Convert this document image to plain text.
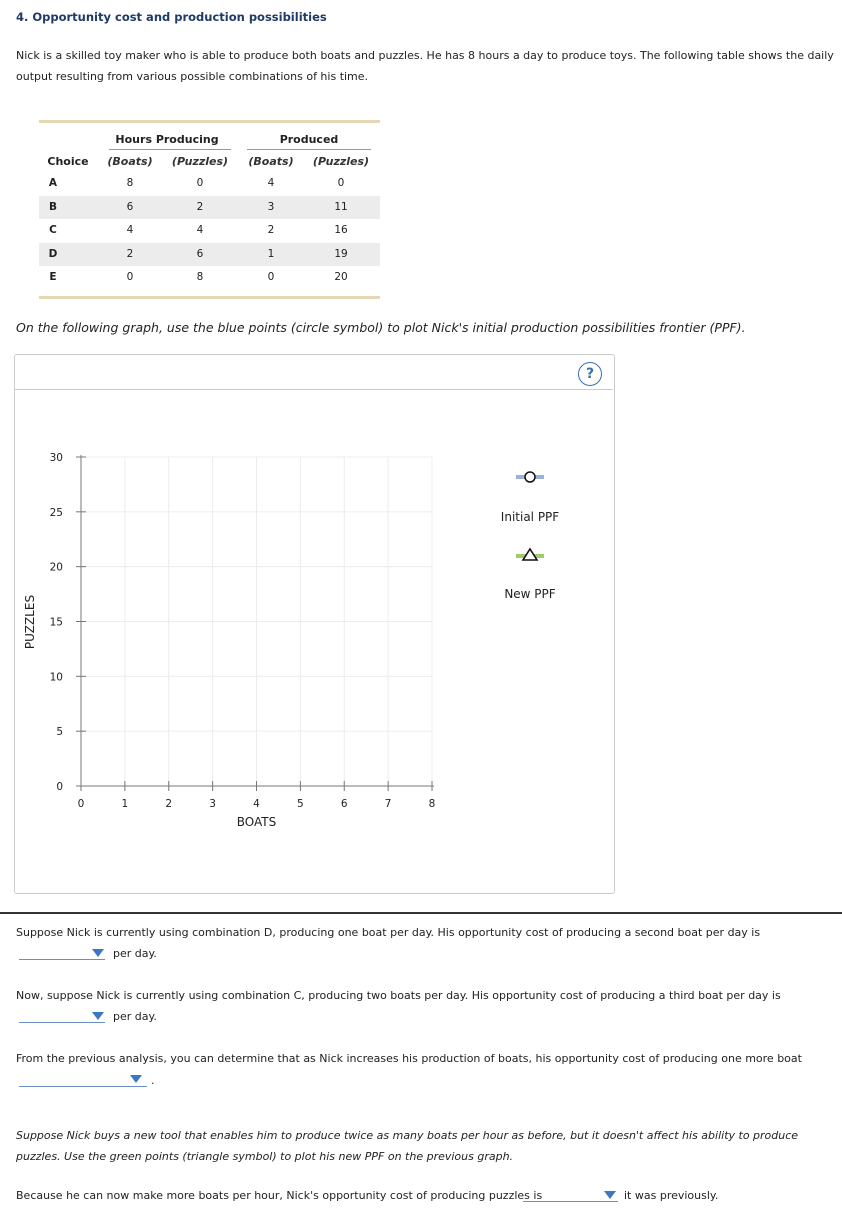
4. Opportunity cost and production possibilities
Nick is a skilled toy maker who is able to produce both boats and puzzles. He has 8 hours a day to produce toys. The following table shows the daily output resulting from various possible combinations of his time.
Hours Producing	Produced
Choice	(Boats)	(Puzzles)	(Boats)	(Puzzles)
A	8	0	4	0
B	6	2	3	11
C	4	4	2	16
D	2	6	1	19
E	0	8	0	20
On the following graph, use the blue points (circle symbol) to plot Nick's initial production possibilities frontier (PPF).
?
PUZZLES
0	1	2	3	4	5	6	7	8
0
5
10
15
20
25
30
BOATS
Initial PPF
New PPF
Suppose Nick is currently using combination D, producing one boat per day. His opportunity cost of producing a second boat per day is
per day.
Now, suppose Nick is currently using combination C, producing two boats per day. His opportunity cost of producing a third boat per day is
per day.
From the previous analysis, you can determine that as Nick increases his production of boats, his opportunity cost of producing one more boat
.
Suppose Nick buys a new tool that enables him to produce twice as many boats per hour as before, but it doesn't affect his ability to produce puzzles. Use the green points (triangle symbol) to plot his new PPF on the previous graph.
Because he can now make more boats per hour, Nick's opportunity cost of producing puzzles is	it was previously.
